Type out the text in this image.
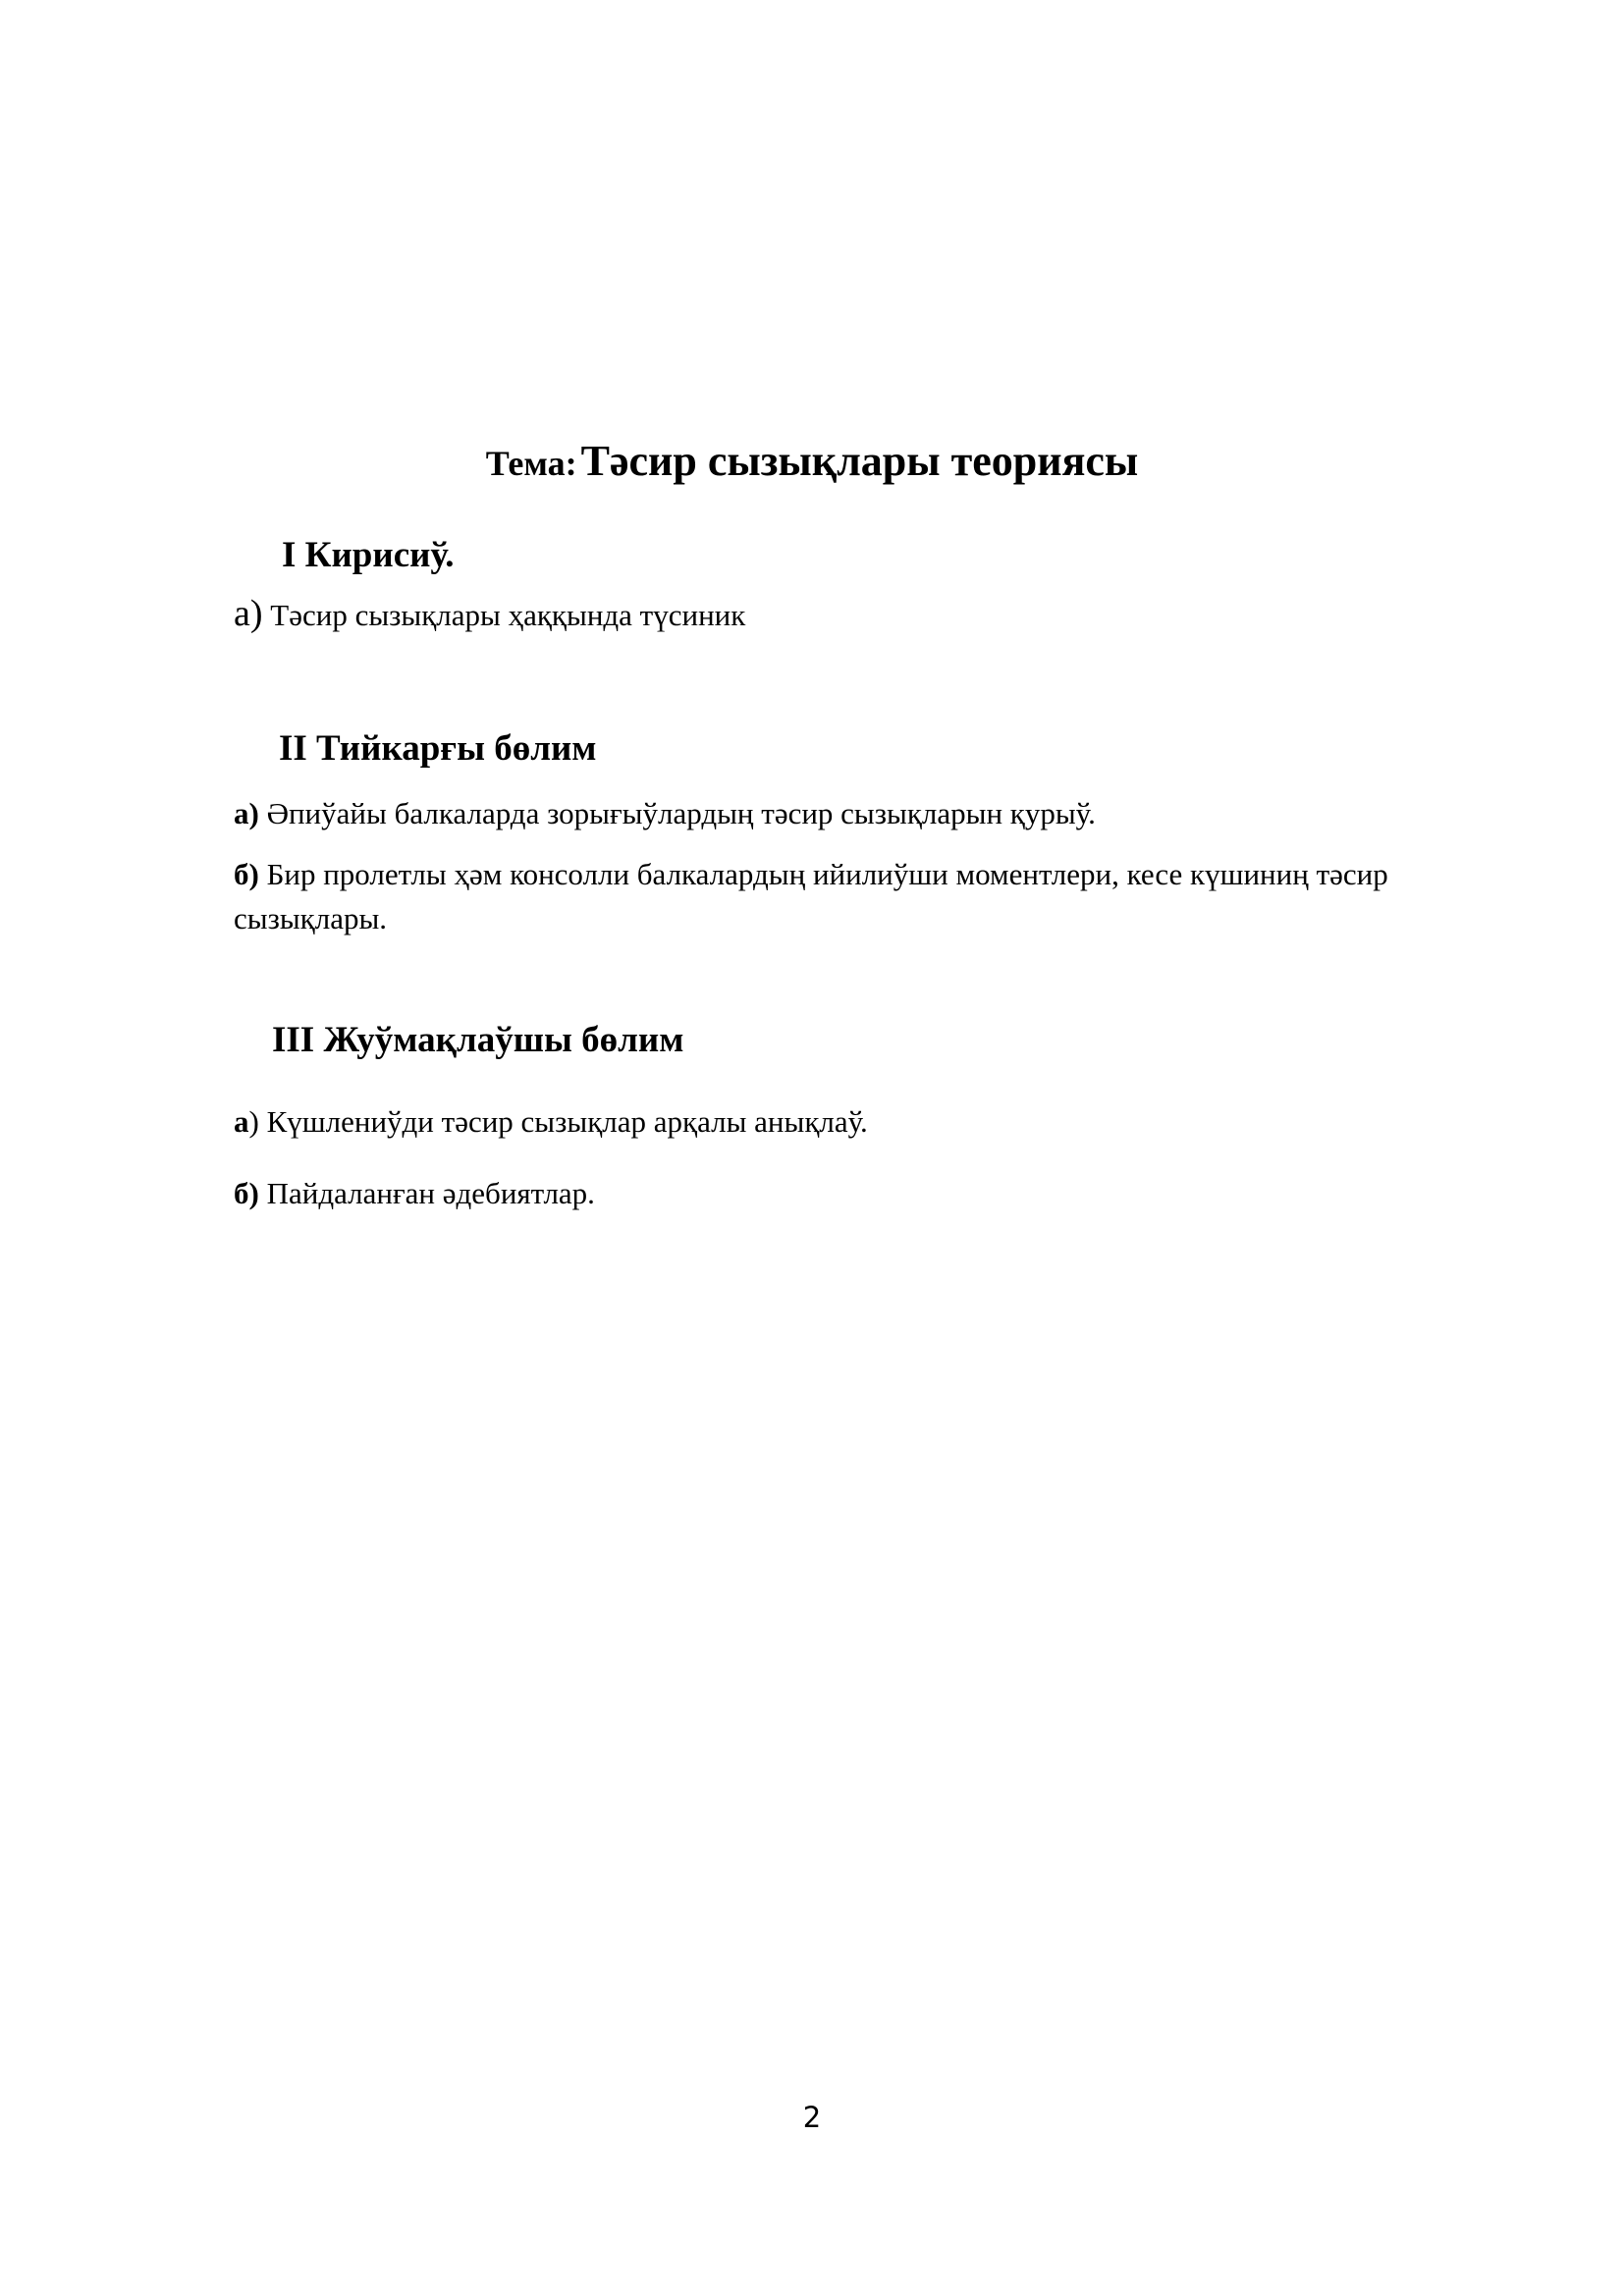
Тема: Тәсир сызықлары теориясы
I Кирисиў.
а) Тәсир сызықлары ҳаққында түсиник
II Тийкарғы бөлим
а) Әпиўайы балкаларда зорығыўлардың тәсир сызықларын қурыў.
б) Бир пролетлы ҳәм консолли балкалардың ийилиўши моментлери, кесе күшиниң тәсир сызықлары.
III Жуўмақлаўшы бөлим
а) Күшлениўди тәсир сызықлар арқалы анықлаў.
б) Пайдаланған әдебиятлар.
2
